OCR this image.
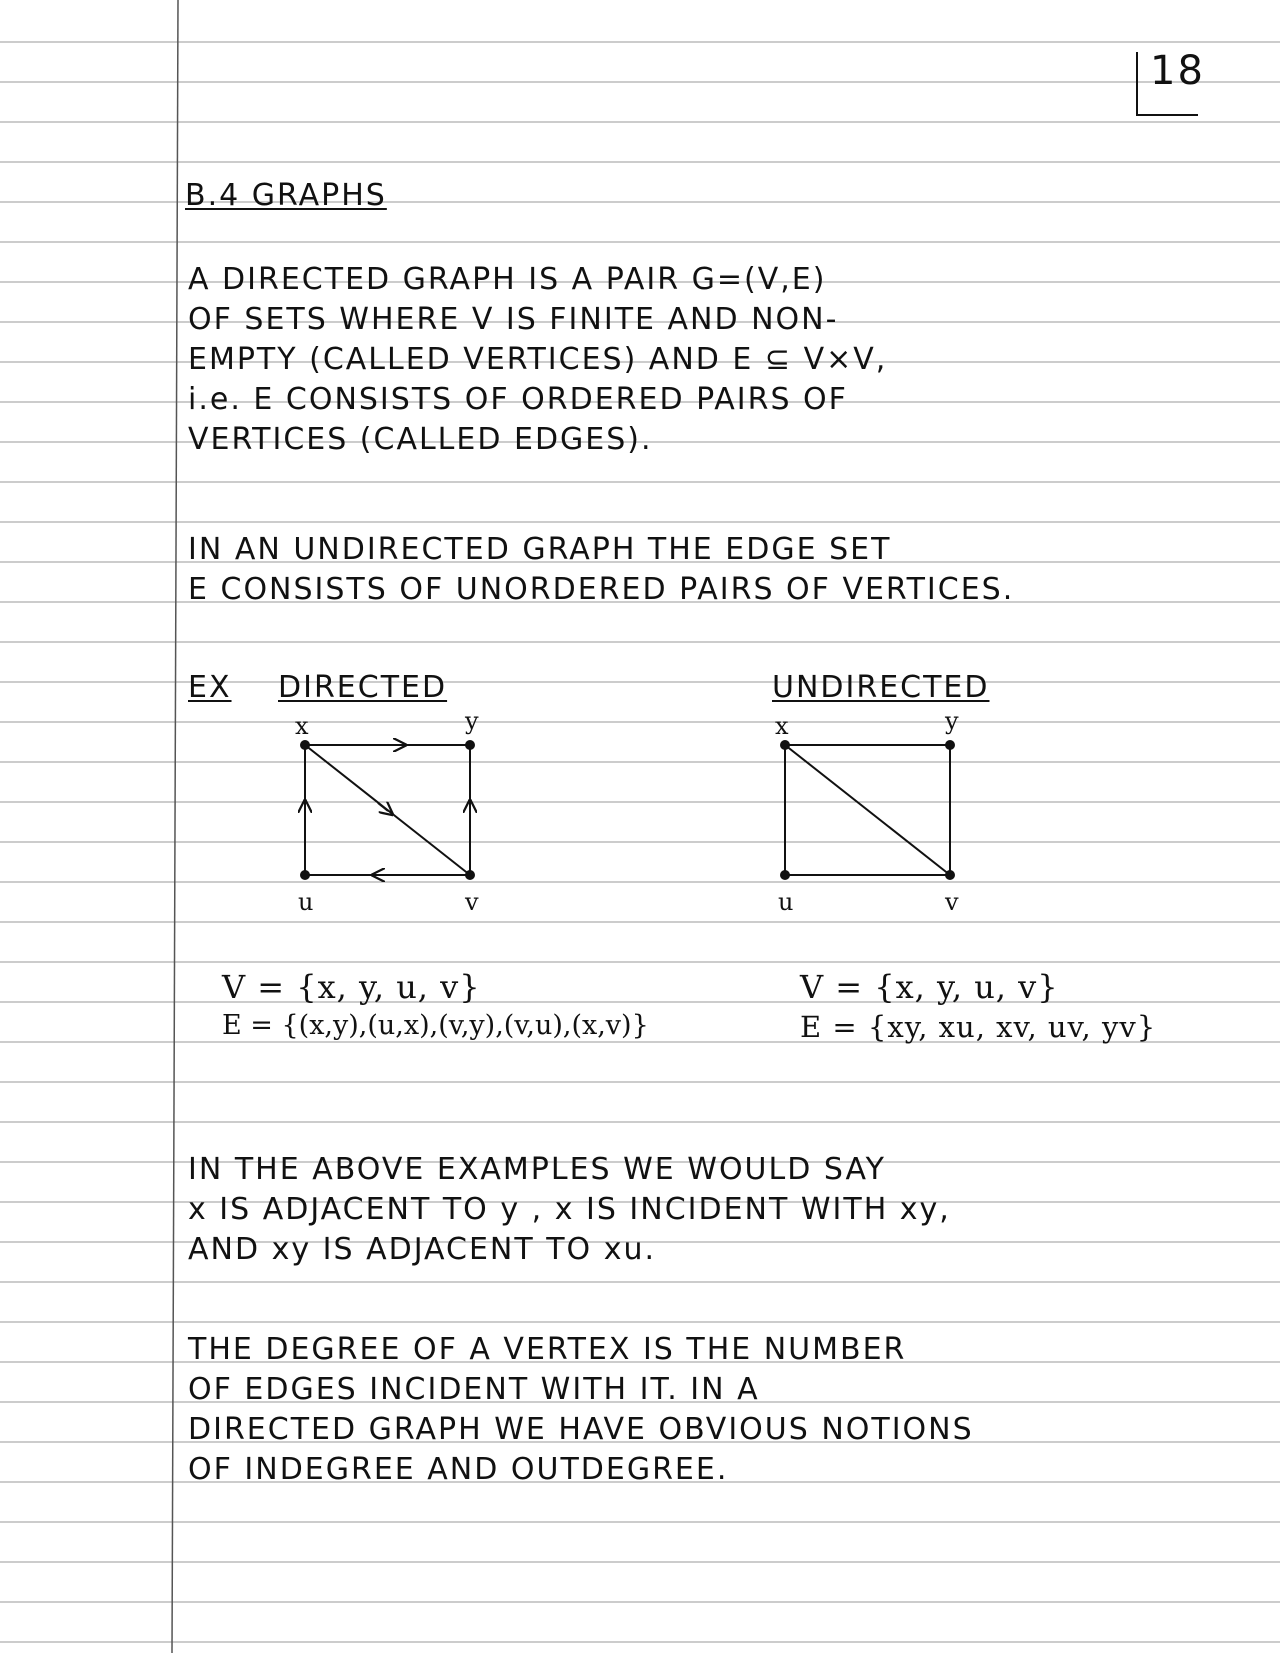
18
B.4 GRAPHS
A DIRECTED GRAPH IS A PAIR G=(V,E)
OF SETS WHERE V IS FINITE AND NON-
EMPTY (CALLED VERTICES) AND E ⊆ V×V,
i.e. E CONSISTS OF ORDERED PAIRS OF
VERTICES (CALLED EDGES).
IN AN UNDIRECTED GRAPH THE EDGE SET
E CONSISTS OF UNORDERED PAIRS OF VERTICES.
EX DIRECTED	UNDIRECTED
x	y
u	v
x	y
u	v
V = {x, y, u, v}
E = {(x,y),(u,x),(v,y),(v,u),(x,v)}
V = {x, y, u, v}
E = {xy, xu, xv, uv, yv}
IN THE ABOVE EXAMPLES WE WOULD SAY
x IS ADJACENT TO y , x IS INCIDENT WITH xy,
AND xy IS ADJACENT TO xu.
THE DEGREE OF A VERTEX IS THE NUMBER
OF EDGES INCIDENT WITH IT. IN A
DIRECTED GRAPH WE HAVE OBVIOUS NOTIONS
OF INDEGREE AND OUTDEGREE.
